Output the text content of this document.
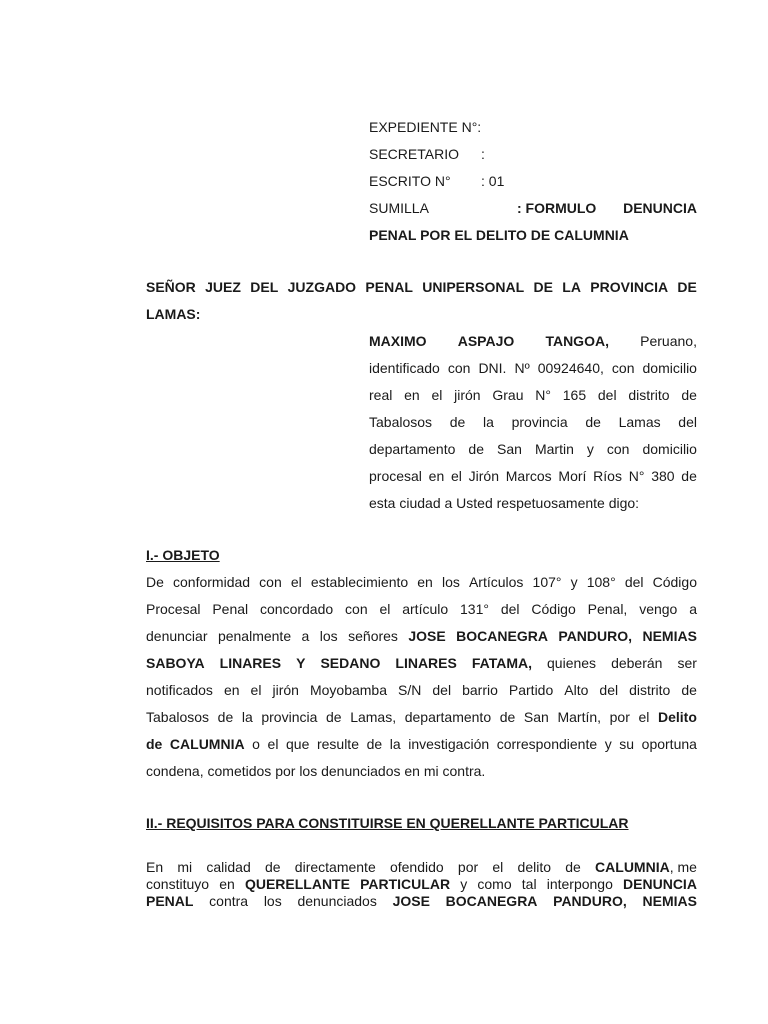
EXPEDIENTE N°:
SECRETARIO :
ESCRITO N° : 01
SUMILLA	: FORMULO DENUNCIA
PENAL POR EL DELITO DE CALUMNIA
SEÑOR JUEZ DEL JUZGADO PENAL UNIPERSONAL DE LA PROVINCIA DE
LAMAS:
MAXIMO ASPAJO TANGOA, Peruano,
identificado con DNI. Nº 00924640, con domicilio
real en el jirón Grau N° 165 del distrito de
Tabalosos de la provincia de Lamas del
departamento de San Martin y con domicilio
procesal en el Jirón Marcos Morí Ríos N° 380 de
esta ciudad a Usted respetuosamente digo:
I.- OBJETO
De conformidad con el establecimiento en los Artículos 107° y 108° del Código
Procesal Penal concordado con el artículo 131° del Código Penal, vengo a
denunciar penalmente a los señores JOSE BOCANEGRA PANDURO, NEMIAS
SABOYA LINARES Y SEDANO LINARES FATAMA, quienes deberán ser
notificados en el jirón Moyobamba S/N del barrio Partido Alto del distrito de
Tabalosos de la provincia de Lamas, departamento de San Martín, por el Delito
de CALUMNIA o el que resulte de la investigación correspondiente y su oportuna
condena, cometidos por los denunciados en mi contra.
II.- REQUISITOS PARA CONSTITUIRSE EN QUERELLANTE PARTICULAR
En mi calidad de directamente ofendido por el delito de CALUMNIA, me
constituyo en QUERELLANTE PARTICULAR y como tal interpongo DENUNCIA
PENAL contra los denunciados JOSE BOCANEGRA PANDURO, NEMIAS
